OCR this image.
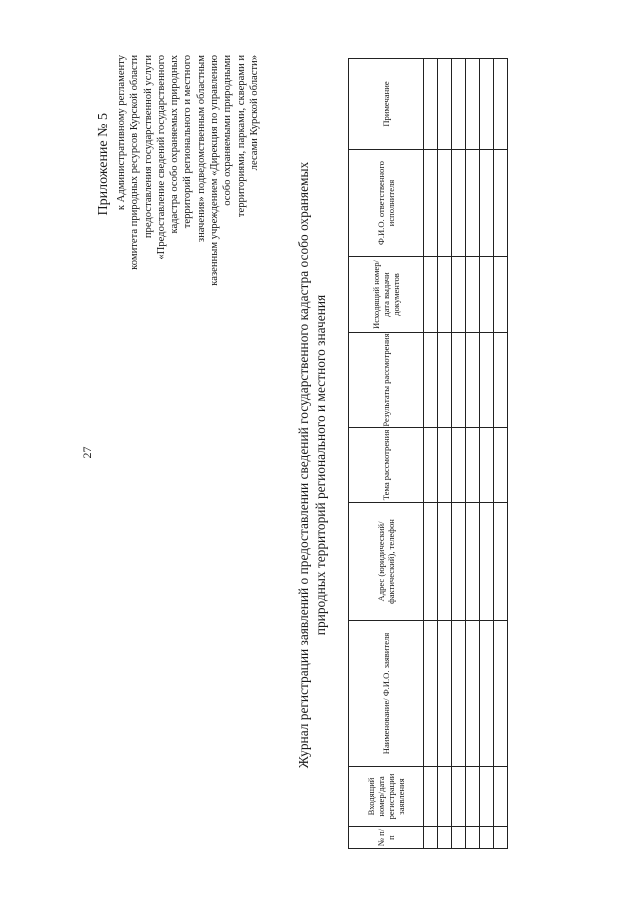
27
Приложение № 5 к Административному регламенту комитета природных ресурсов Курской области предоставления государственной услуги «Предоставление сведений государственного кадастра особо охраняемых природных территорий регионального и местного значения» подведомственным областным казенным учреждением «Дирекция по управлению особо охраняемыми природными территориями, парками, скверами и лесами Курской области»
Журнал регистрации заявлений о предоставлении сведений государственного кадастра особо охраняемых природных территорий регионального и местного значения
№ п/п	Входящий номер/дата регистрации заявления	Наименование/ Ф.И.О. заявителя	Адрес (юридический/ фактический), телефон	Тема рассмотрения	Результаты рассмотрения	Исходящий номер/дата выдачи документов	Ф.И.О. ответственного исполнителя	Примечание
